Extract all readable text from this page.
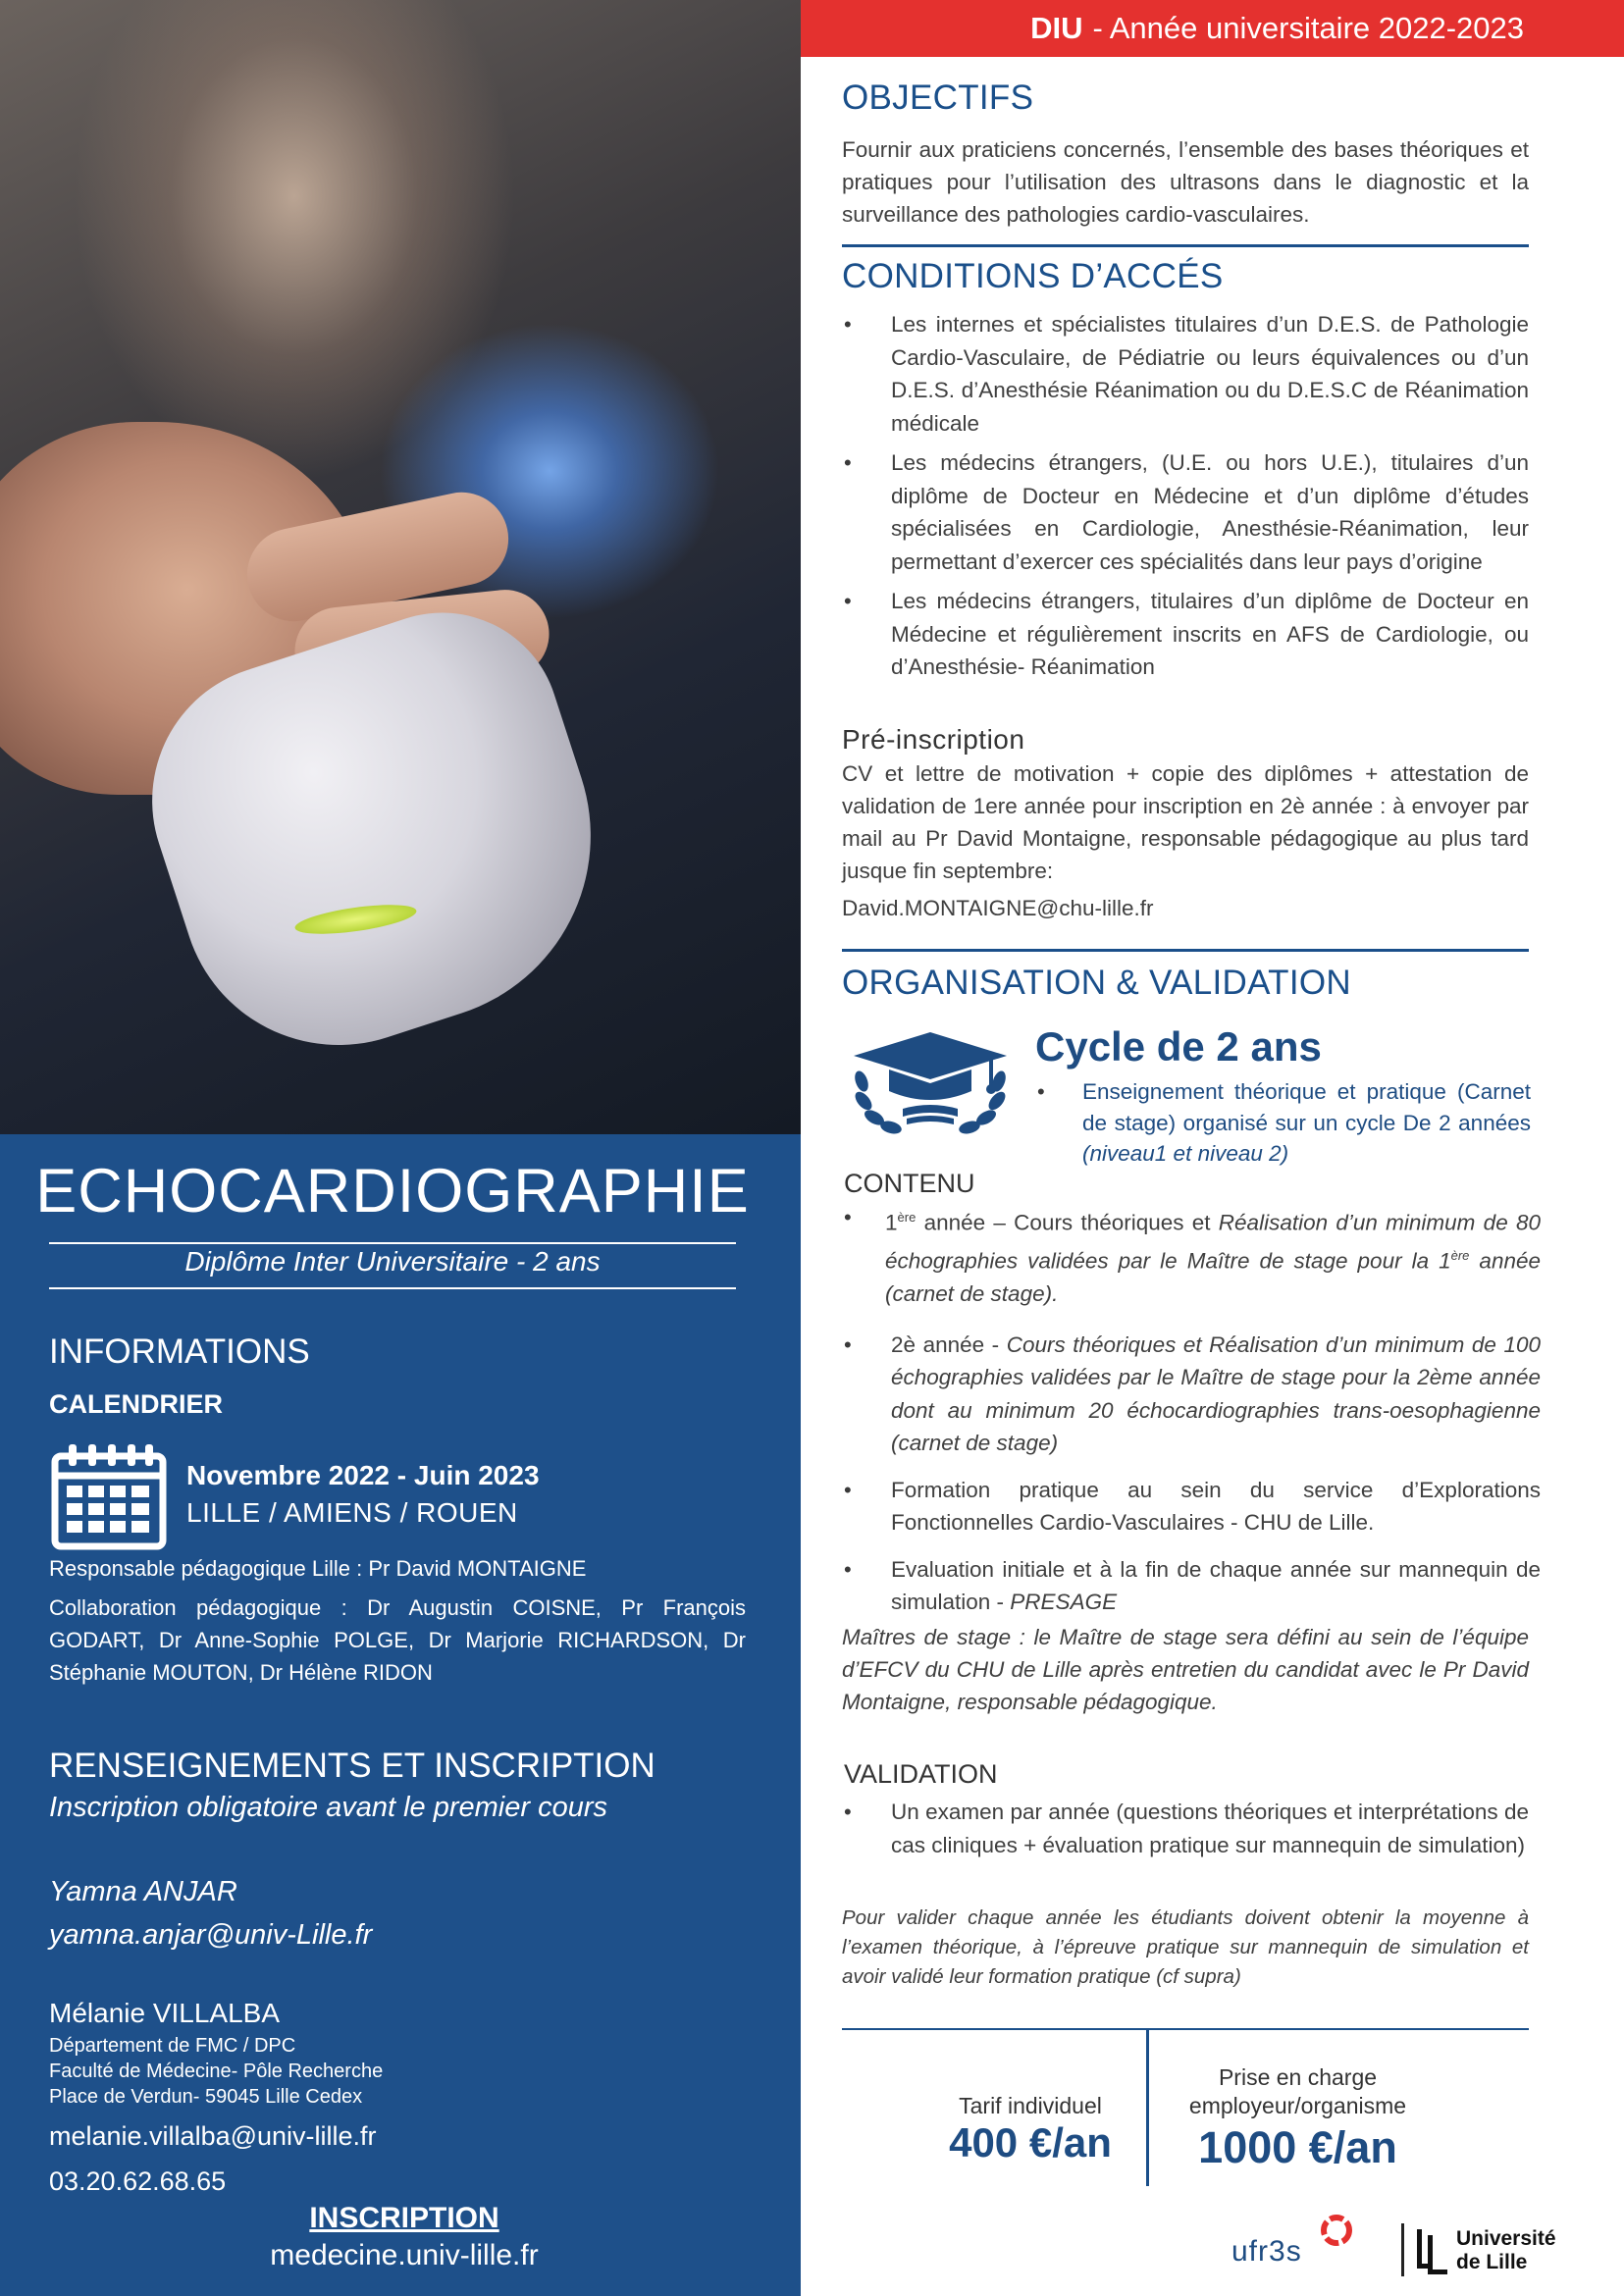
DIU - Année universitaire 2022-2023
OBJECTIFS
Fournir aux praticiens concernés, l’ensemble des bases théoriques et pratiques pour l’utilisation des ultrasons dans le diagnostic et la surveillance des pathologies cardio-vasculaires.
CONDITIONS D’ACCÉS
• Les internes et spécialistes titulaires d’un D.E.S. de Pathologie Cardio-Vasculaire, de Pédiatrie ou leurs équivalences ou d’un D.E.S. d’Anesthésie Réanimation ou du D.E.S.C de Réanimation médicale
• Les médecins étrangers, (U.E. ou hors U.E.), titulaires d’un diplôme de Docteur en Médecine et d’un diplôme d’études spécialisées en Cardiologie, Anesthésie-Réanimation, leur permettant d’exercer ces spécialités dans leur pays d’origine
• Les médecins étrangers, titulaires d’un diplôme de Docteur en Médecine et régulièrement inscrits en AFS de Cardiologie, ou d’Anesthésie- Réanimation
Pré-inscription
CV et lettre de motivation + copie des diplômes + attestation de validation de 1ere année pour inscription en 2è année : à envoyer par mail au Pr David Montaigne, responsable pédagogique au plus tard jusque fin septembre:
David.MONTAIGNE@chu-lille.fr
ORGANISATION & VALIDATION
Cycle de 2 ans
• Enseignement théorique et pratique (Carnet de stage) organisé sur un cycle De 2 années (niveau1 et niveau 2)
CONTENU
• 1ère année – Cours théoriques et Réalisation d’un minimum de 80 échographies validées par le Maître de stage pour la 1ère année (carnet de stage).
• 2è année - Cours théoriques et Réalisation d’un minimum de 100 échographies validées par le Maître de stage pour la 2ème année dont au minimum 20 échocardiographies trans-oesophagienne (carnet de stage)
• Formation pratique au sein du service d’Explorations Fonctionnelles Cardio-Vasculaires - CHU de Lille.
• Evaluation initiale et à la fin de chaque année sur mannequin de simulation - PRESAGE
Maîtres de stage : le Maître de stage sera défini au sein de l’équipe d’EFCV du CHU de Lille après entretien du candidat avec le Pr David Montaigne, responsable pédagogique.
VALIDATION
• Un examen par année (questions théoriques et interprétations de cas cliniques + évaluation pratique sur mannequin de simulation)
Pour valider chaque année les étudiants doivent obtenir la moyenne à l’examen théorique, à l’épreuve pratique sur mannequin de simulation et avoir validé leur formation pratique (cf supra)
Tarif individuel
400 €/an
Prise en charge
employeur/organisme
1000 €/an
ufr3s	Université
de Lille
ECHOCARDIOGRAPHIE
Diplôme Inter Universitaire - 2 ans
INFORMATIONS
CALENDRIER
Novembre 2022 - Juin 2023
LILLE / AMIENS / ROUEN
Responsable pédagogique Lille : Pr David MONTAIGNE
Collaboration pédagogique : Dr Augustin COISNE, Pr François GODART, Dr Anne-Sophie POLGE, Dr Marjorie RICHARDSON, Dr Stéphanie MOUTON, Dr Hélène RIDON
RENSEIGNEMENTS ET INSCRIPTION
Inscription obligatoire avant le premier cours
Yamna ANJAR
yamna.anjar@univ-Lille.fr
Mélanie VILLALBA
Département de FMC / DPC
Faculté de Médecine- Pôle Recherche
Place de Verdun- 59045 Lille Cedex
melanie.villalba@univ-lille.fr
03.20.62.68.65
INSCRIPTION
medecine.univ-lille.fr
